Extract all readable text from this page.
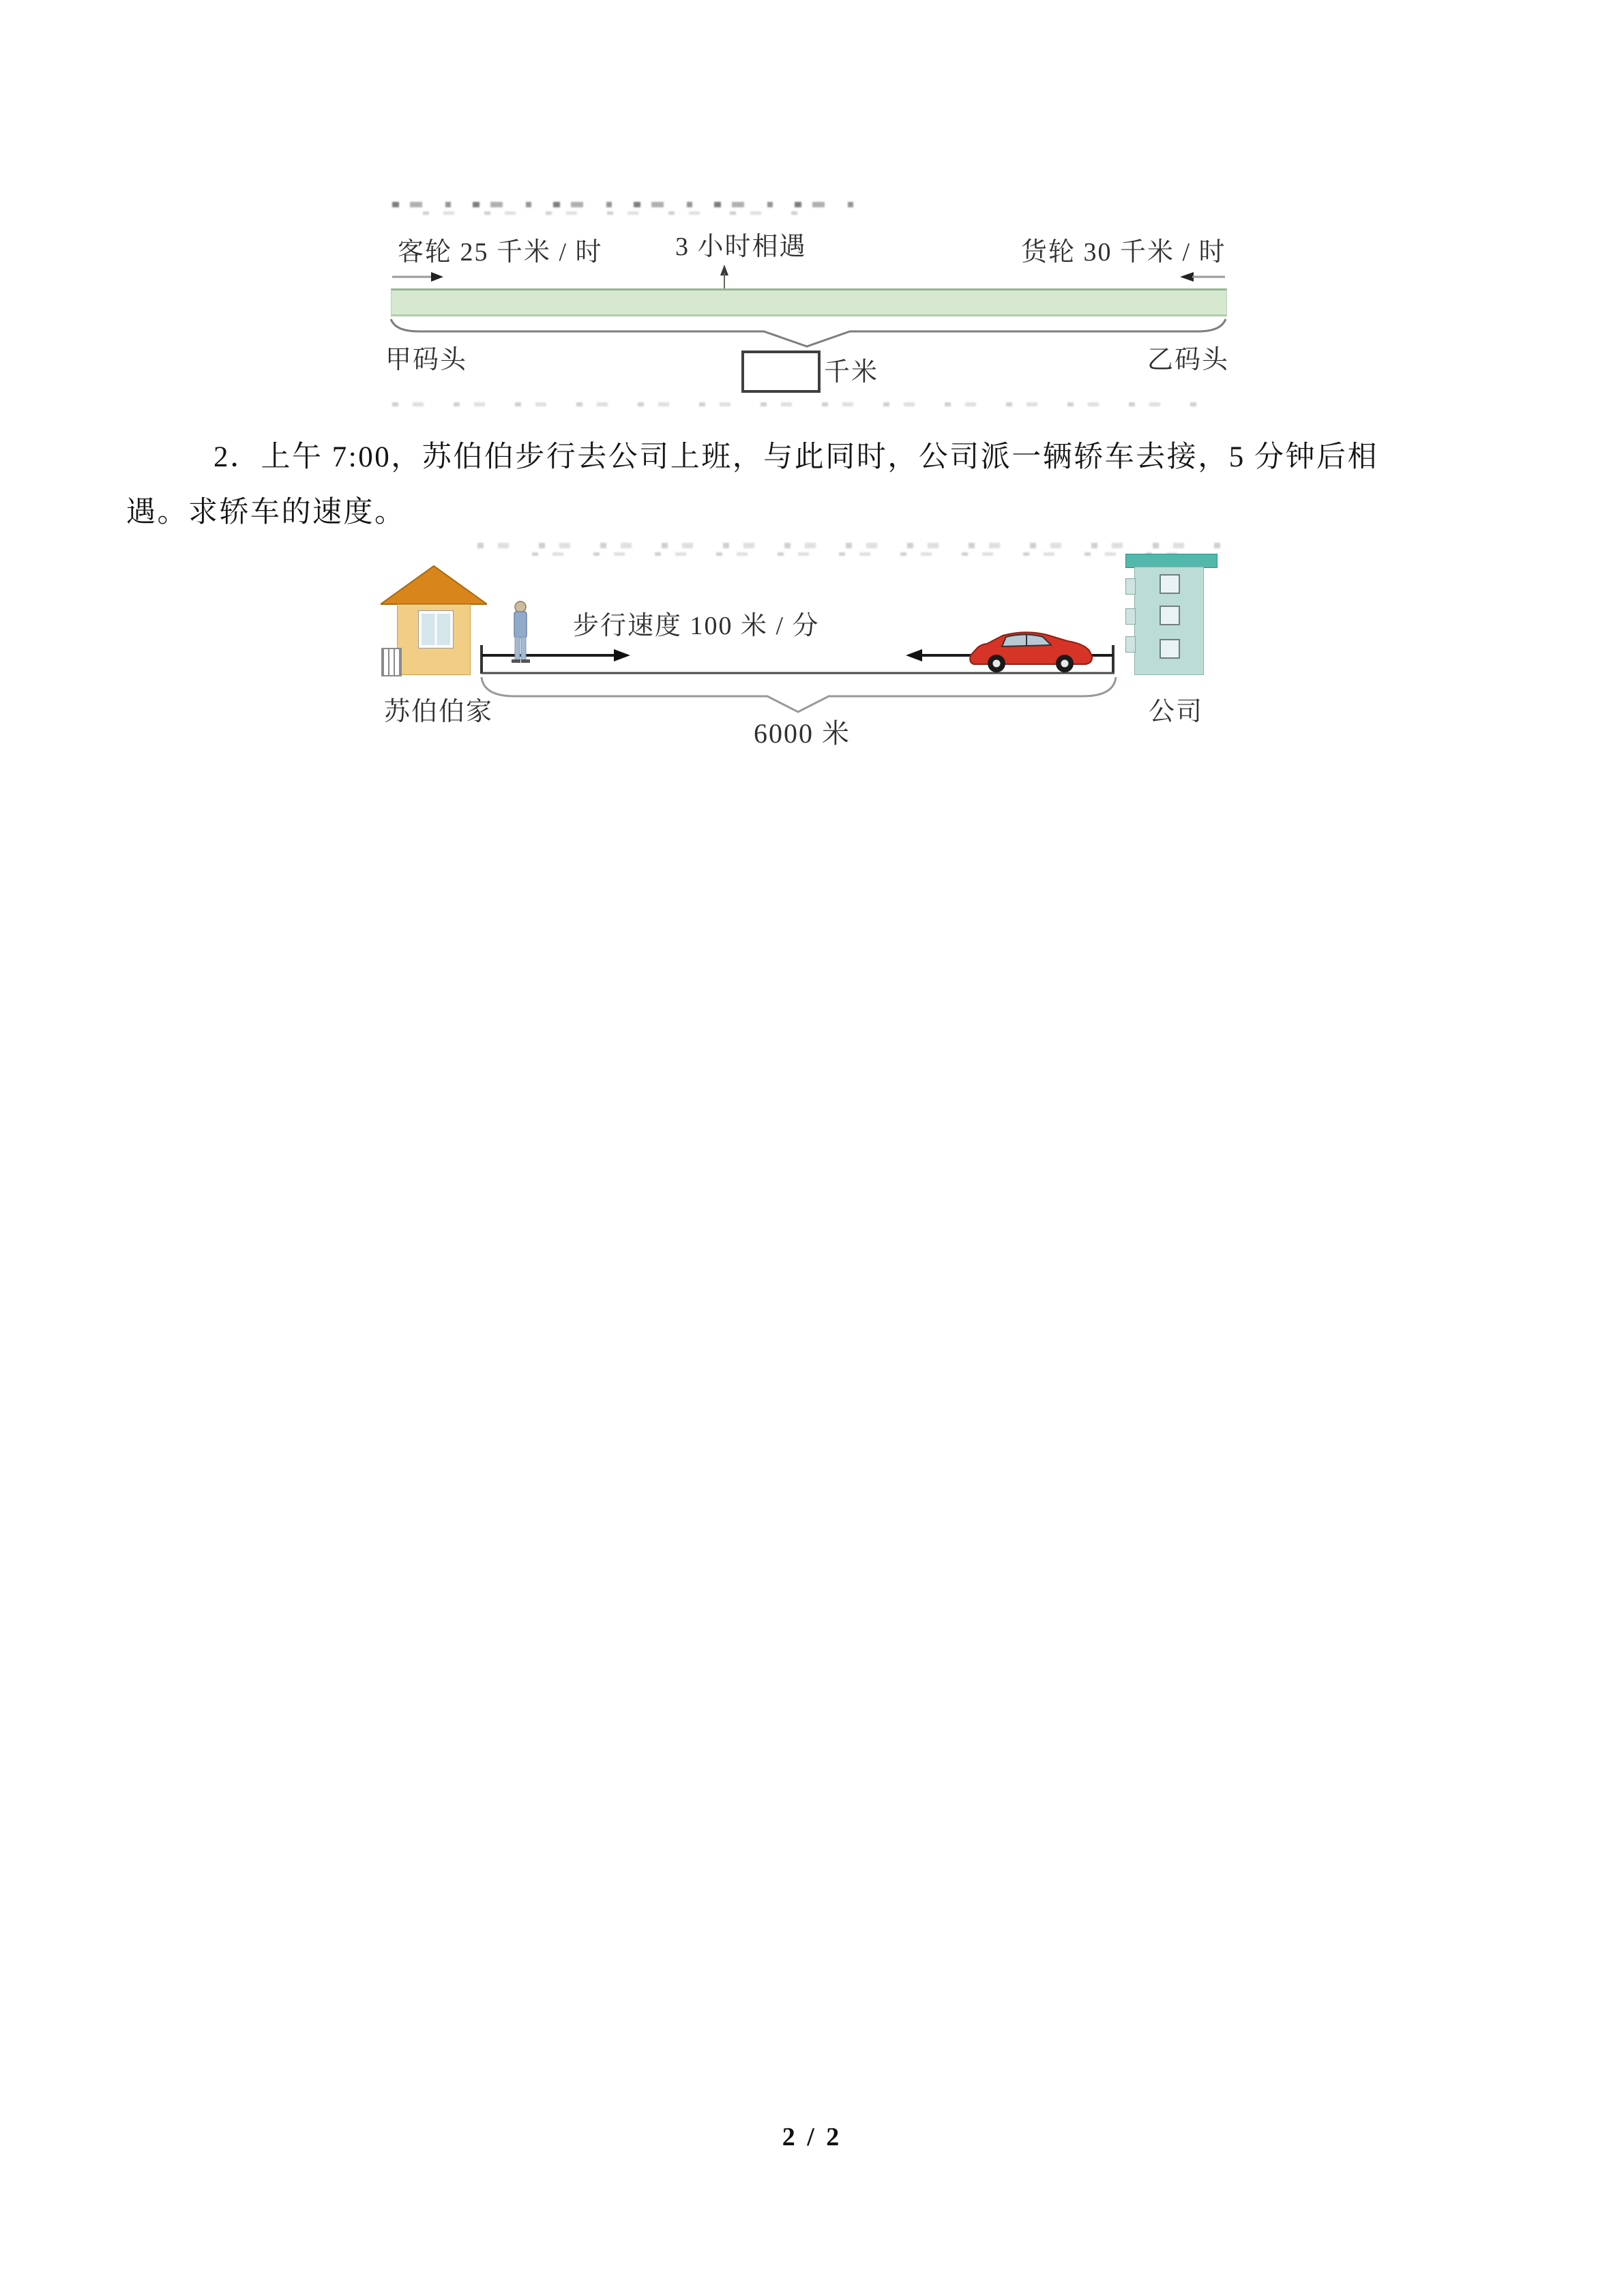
客轮 25 千米 / 时	3 小时相遇	货轮 30 千米 / 时
甲码头	千米	乙码头
2．上午 7:00，苏伯伯步行去公司上班，与此同时，公司派一辆轿车去接，5 分钟后相
遇。求轿车的速度。
步行速度 100 米 / 分
苏伯伯家	公司
6000 米
2 / 2
